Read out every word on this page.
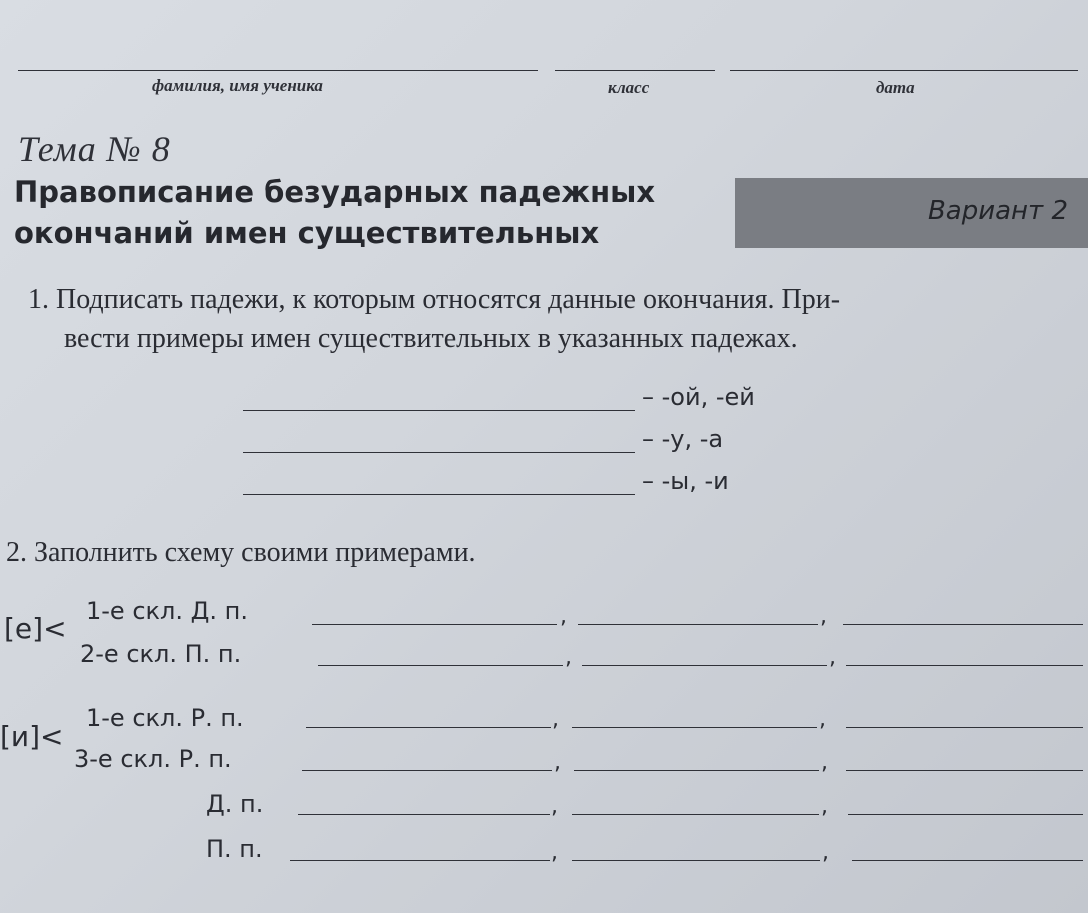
фамилия, имя ученика	класс	дата
Тема № 8
Правописание безударных падежных
окончаний имен существительных
Вариант 2
1. Подписать падежи, к которым относятся данные окончания. При-
вести примеры имен существительных в указанных падежах.
– -ой, -ей
– -у, -а
– -ы, -и
2. Заполнить схему своими примерами.
[е]<
1-е скл. Д. п.	,	,
2-е скл. П. п.	,	,
[и]<
1-е скл. Р. п.	,	,
3-е скл. Р. п.	,	,
Д. п.	,	,
П. п.	,	,
